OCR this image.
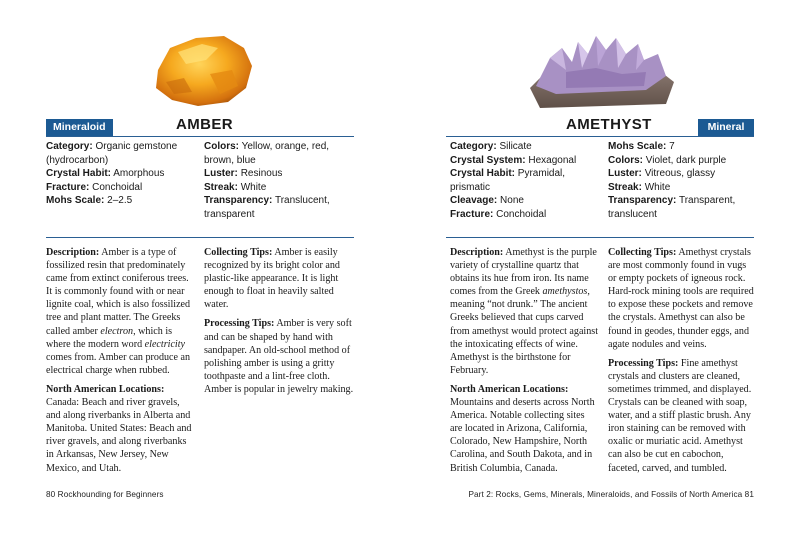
Mineraloid	AMBER
Category: Organic gemstone (hydrocarbon)
Crystal Habit: Amorphous
Fracture: Conchoidal
Mohs Scale: 2–2.5
Colors: Yellow, orange, red, brown, blue
Luster: Resinous
Streak: White
Transparency: Translucent, transparent

Description: Amber is a type of fossilized resin that predominately came from extinct coniferous trees. It is commonly found with or near lignite coal, which is also fossilized tree and plant matter. The Greeks called amber electron, which is where the modern word electricity comes from. Amber can produce an electrical charge when rubbed.

North American Locations: Canada: Beach and river gravels, and along riverbanks in Alberta and Manitoba. United States: Beach and river gravels, and along riverbanks in Arkansas, New Jersey, New Mexico, and Utah.

Collecting Tips: Amber is easily recognized by its bright color and plastic-like appearance. It is light enough to float in heavily salted water.

Processing Tips: Amber is very soft and can be shaped by hand with sandpaper. An old-school method of polishing amber is using a gritty toothpaste and a lint-free cloth. Amber is popular in jewelry making.

80 Rockhounding for Beginners
Mineral
AMETHYST
Category: Silicate
Crystal System: Hexagonal
Crystal Habit: Pyramidal, prismatic
Cleavage: None
Fracture: Conchoidal
Mohs Scale: 7
Colors: Violet, dark purple
Luster: Vitreous, glassy
Streak: White
Transparency: Transparent, translucent

Description: Amethyst is the purple variety of crystalline quartz that obtains its hue from iron. Its name comes from the Greek amethystos, meaning “not drunk.” The ancient Greeks believed that cups carved from amethyst would protect against the intoxicating effects of wine. Amethyst is the birthstone for February.

North American Locations: Mountains and deserts across North America. Notable collecting sites are located in Arizona, California, Colorado, New Hampshire, North Carolina, and South Dakota, and in British Columbia, Canada.

Collecting Tips: Amethyst crystals are most commonly found in vugs or empty pockets of igneous rock. Hard-rock mining tools are required to expose these pockets and remove the crystals. Amethyst can also be found in geodes, thunder eggs, and agate nodules and veins.

Processing Tips: Fine amethyst crystals and clusters are cleaned, sometimes trimmed, and displayed. Crystals can be cleaned with soap, water, and a stiff plastic brush. Any iron staining can be removed with oxalic or muriatic acid. Amethyst can also be cut en cabochon, faceted, carved, and tumbled.

Part 2: Rocks, Gems, Minerals, Mineraloids, and Fossils of North America 81
